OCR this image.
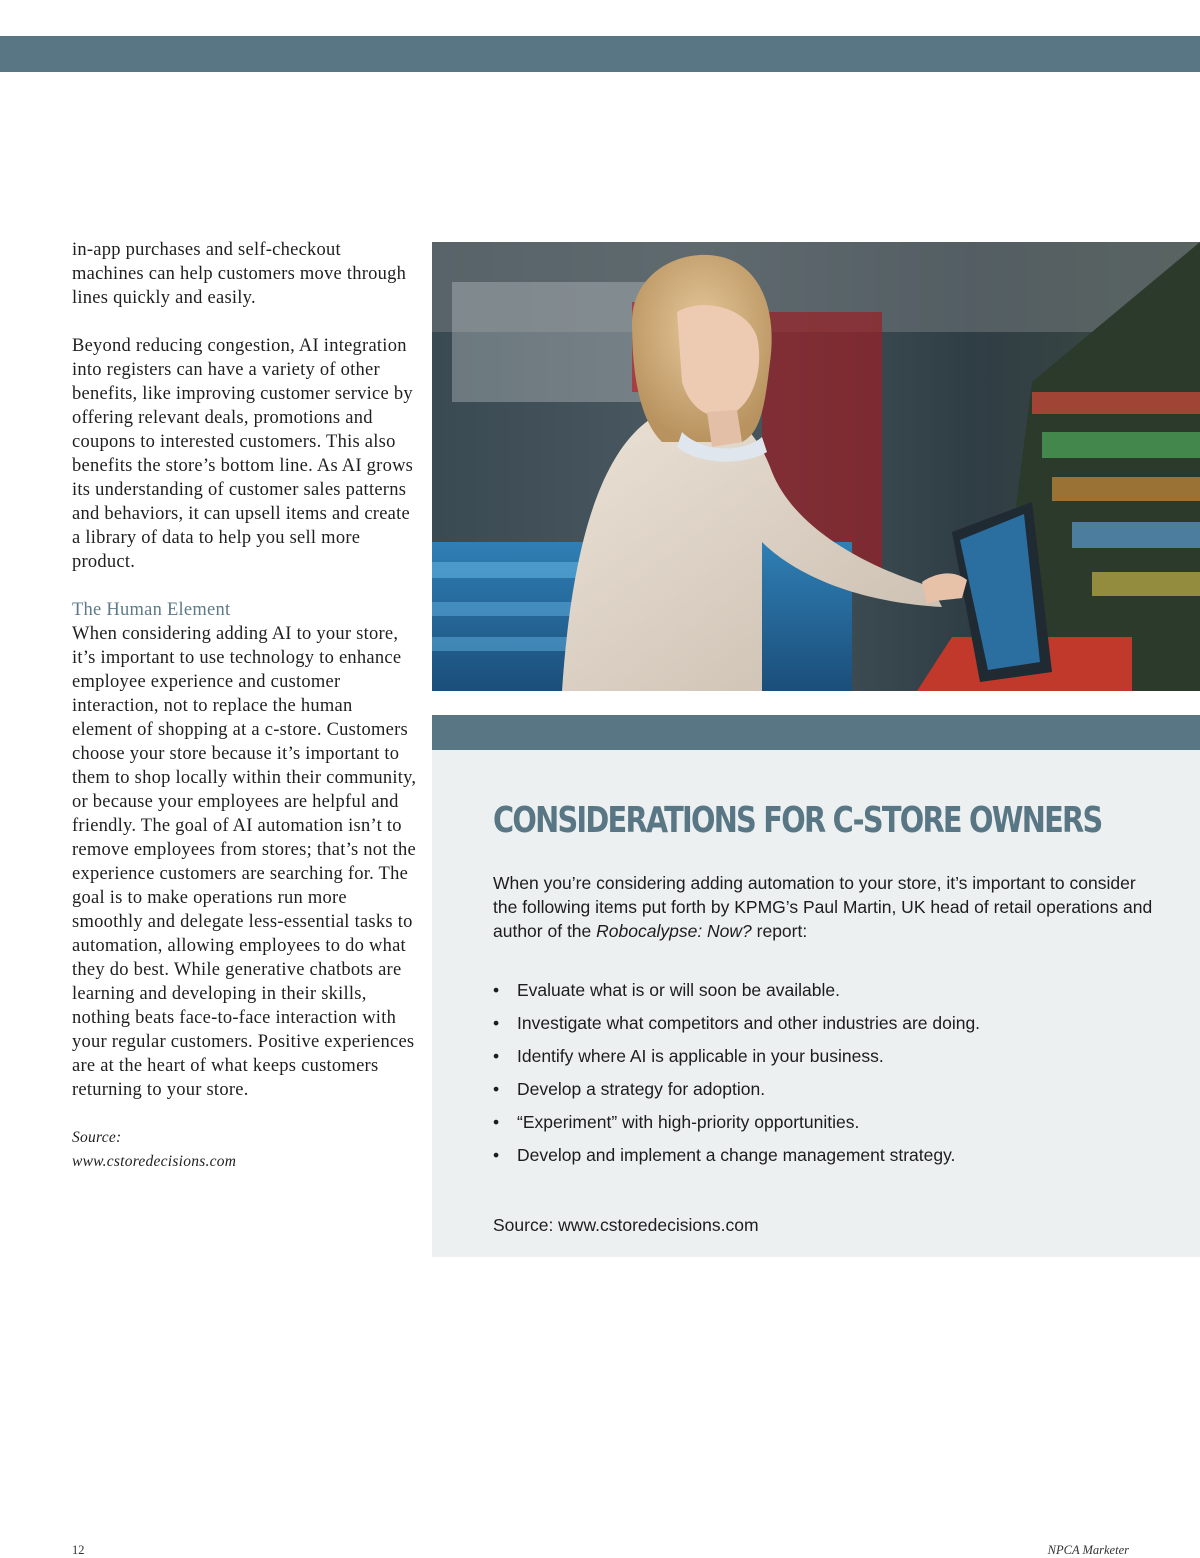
in-app purchases and self-checkout machines can help customers move through lines quickly and easily.

Beyond reducing congestion, AI integration into registers can have a variety of other benefits, like improving customer service by offering relevant deals, promotions and coupons to interested customers. This also benefits the store’s bottom line. As AI grows its understanding of customer sales patterns and behaviors, it can upsell items and create a library of data to help you sell more product.

The Human Element

When considering adding AI to your store, it’s important to use technology to enhance employee experience and customer interaction, not to replace the human element of shopping at a c-store. Customers choose your store because it’s important to them to shop locally within their community, or because your employees are helpful and friendly. The goal of AI automation isn’t to remove employees from stores; that’s not the experience customers are searching for. The goal is to make operations run more smoothly and delegate less-essential tasks to automation, allowing employees to do what they do best. While generative chatbots are learning and developing in their skills, nothing beats face-to-face interaction with your regular customers. Positive experiences are at the heart of what keeps customers returning to your store.

Source:
www.cstoredecisions.com
CONSIDERATIONS FOR C-STORE OWNERS

When you’re considering adding automation to your store, it’s important to consider the following items put forth by KPMG’s Paul Martin, UK head of retail operations and author of the Robocalypse: Now? report:

• Evaluate what is or will soon be available.
• Investigate what competitors and other industries are doing.
• Identify where AI is applicable in your business.
• Develop a strategy for adoption.
• “Experiment” with high-priority opportunities.
• Develop and implement a change management strategy.

Source: www.cstoredecisions.com

12	NPCA Marketer
